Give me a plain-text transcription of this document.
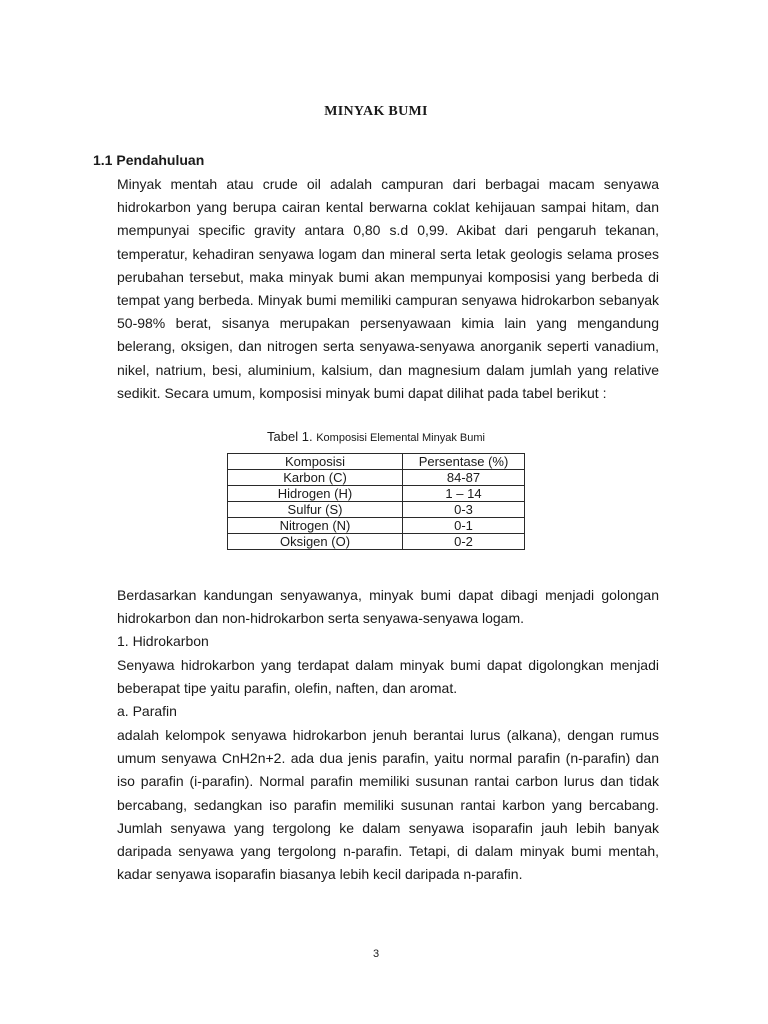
MINYAK BUMI
1.1 Pendahuluan
Minyak mentah atau crude oil adalah campuran dari berbagai macam senyawa hidrokarbon yang berupa cairan kental berwarna coklat kehijauan sampai hitam, dan mempunyai specific gravity antara 0,80 s.d 0,99. Akibat dari pengaruh tekanan, temperatur, kehadiran senyawa logam dan mineral serta letak geologis selama proses perubahan tersebut, maka minyak bumi akan mempunyai komposisi yang berbeda di tempat yang berbeda. Minyak bumi memiliki campuran senyawa hidrokarbon sebanyak 50-98% berat, sisanya merupakan persenyawaan kimia lain yang mengandung belerang, oksigen, dan nitrogen serta senyawa-senyawa anorganik seperti vanadium, nikel, natrium, besi, aluminium, kalsium, dan magnesium dalam jumlah yang relative sedikit. Secara umum, komposisi minyak bumi dapat dilihat pada tabel berikut :
Tabel 1. Komposisi Elemental Minyak Bumi
Komposisi	Persentase (%)
Karbon (C)	84-87
Hidrogen (H)	1 – 14
Sulfur (S)	0-3
Nitrogen (N)	0-1
Oksigen (O)	0-2
Berdasarkan kandungan senyawanya, minyak bumi dapat dibagi menjadi golongan hidrokarbon dan non-hidrokarbon serta senyawa-senyawa logam.
1. Hidrokarbon
Senyawa hidrokarbon yang terdapat dalam minyak bumi dapat digolongkan menjadi beberapat tipe yaitu parafin, olefin, naften, dan aromat.
a. Parafin
adalah kelompok senyawa hidrokarbon jenuh berantai lurus (alkana), dengan rumus umum senyawa CnH2n+2. ada dua jenis parafin, yaitu normal parafin (n-parafin) dan iso parafin (i-parafin). Normal parafin memiliki susunan rantai carbon lurus dan tidak bercabang, sedangkan iso parafin memiliki susunan rantai karbon yang bercabang. Jumlah senyawa yang tergolong ke dalam senyawa isoparafin jauh lebih banyak daripada senyawa yang tergolong n-parafin. Tetapi, di dalam minyak bumi mentah, kadar senyawa isoparafin biasanya lebih kecil daripada n-parafin.
3
